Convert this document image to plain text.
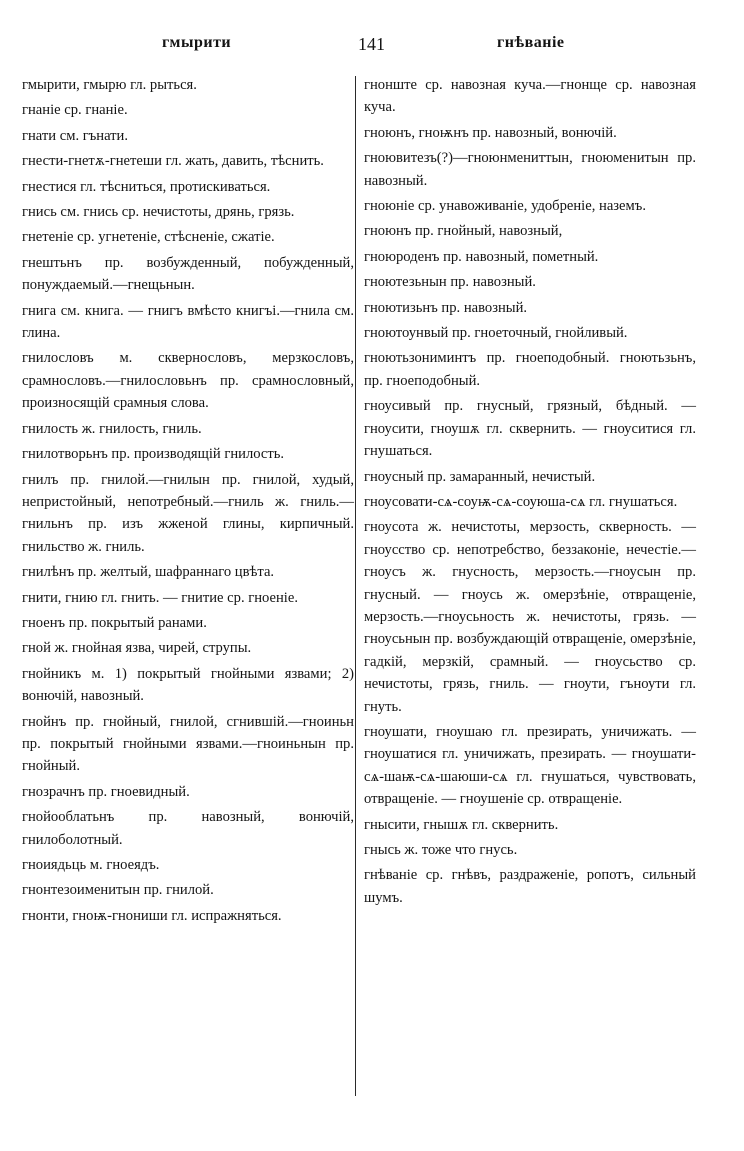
гмырити	141	гнѣваніе

гмырити, гмырю гл. рыться.

гнаніе ср. гнаніе.

гнати см. гънати.

гнести-гнетѫ-гнетеши гл. жать, давить, тѣснить.

гнестися гл. тѣсниться, протискиваться.

гнись см. гнись ср. нечистоты, дрянь, грязь.

гнетеніе ср. угнетеніе, стѣсненіе, сжатіе.

гнештьнъ пр. возбужденный, побужденный, понуждаемый.—гнещьнын.

гнига см. книга. — гнигъ вмѣсто книгъі.—гнила см. глина.

гнилословъ м. сквернословъ, мерзкословъ, срамнословъ.—гнилословьнъ пр. срамнословный, произносящій срамныя слова.

гнилость ж. гнилость, гниль.

гнилотворьнъ пр. производящій гнилость.

гнилъ пр. гнилой.—гнилын пр. гнилой, худый, непристойный, непотребный.—гниль ж. гниль.—гнильнъ пр. изъ жженой глины, кирпичный. гнильство ж. гниль.

гнилѣнъ пр. желтый, шафраннаго цвѣта.

гнити, гнию гл. гнить. — гнитие ср. гноеніе.

гноенъ пр. покрытый ранами.

гной ж. гнойная язва, чирей, струпы.

гнойникъ м. 1) покрытый гнойными язвами; 2) вонючій, навозный.

гнойнъ пр. гнойный, гнилой, сгнившій.—гноиньн пр. покрытый гнойными язвами.—гноиньнын пр. гнойный.

гнозрачнъ пр. гноевидный.

гнойооблатьнъ пр. навозный, вонючій, гнилоболотный.

гноиядьць м. гноеядъ.

гнонтезоименитын пр. гнилой.

гнонти, гноѭ-гнониши гл. испражняться.

гнонште ср. навозная куча.—гнонще ср. навозная куча.

гноюнъ, гноѭнъ пр. навозный, вонючій.

гноювитезъ(?)—гноюнмениттын, гноюменитын пр. навозный.

гноюніе ср. унавоживаніе, удобреніе, наземъ.

гноюнъ пр. гнойный, навозный,

гноюроденъ пр. навозный, пометный.

гноютезьнын пр. навозный.

гноютизьнъ пр. навозный.

гноютоунвый пр. гноеточный, гнойливый.

гноютьзониминтъ пр. гноеподобный. гноютьзьнъ, пр. гноеподобный.

гноусивый пр. гнусный, грязный, бѣдный. — гноусити, гноушѫ гл. сквернить. — гноуситися гл. гнушаться.

гноусный пр. замаранный, нечистый.

гноусовати-сѧ-соуѭ-сѧ-соуюша-сѧ гл. гнушаться.

гноусота ж. нечистоты, мерзость, скверность. — гноусство ср. непотребство, беззаконіе, нечестіе.—гноусъ ж. гнусность, мерзость.—гноусын пр. гнусный. — гноусь ж. омерзѣніе, отвращеніе, мерзость.—гноусьность ж. нечистоты, грязь. — гноусьнын пр. возбуждающій отвращеніе, омерзѣніе, гадкій, мерзкій, срамный. — гноусьство ср. нечистоты, грязь, гниль. — гноути, гъноути гл. гнуть.

гноушати, гноушаю гл. презирать, уничижать. — гноушатися гл. уничижать, презирать. — гноушати-сѧ-шаѭ-сѧ-шаюши-сѧ гл. гнушаться, чувствовать, отвращеніе. — гноушеніе ср. отвращеніе.

гнысити, гнышѫ гл. сквернить.

гнысь ж. тоже что гнусь.

гнѣваніе ср. гнѣвъ, раздраженіе, ропотъ, сильный шумъ.
